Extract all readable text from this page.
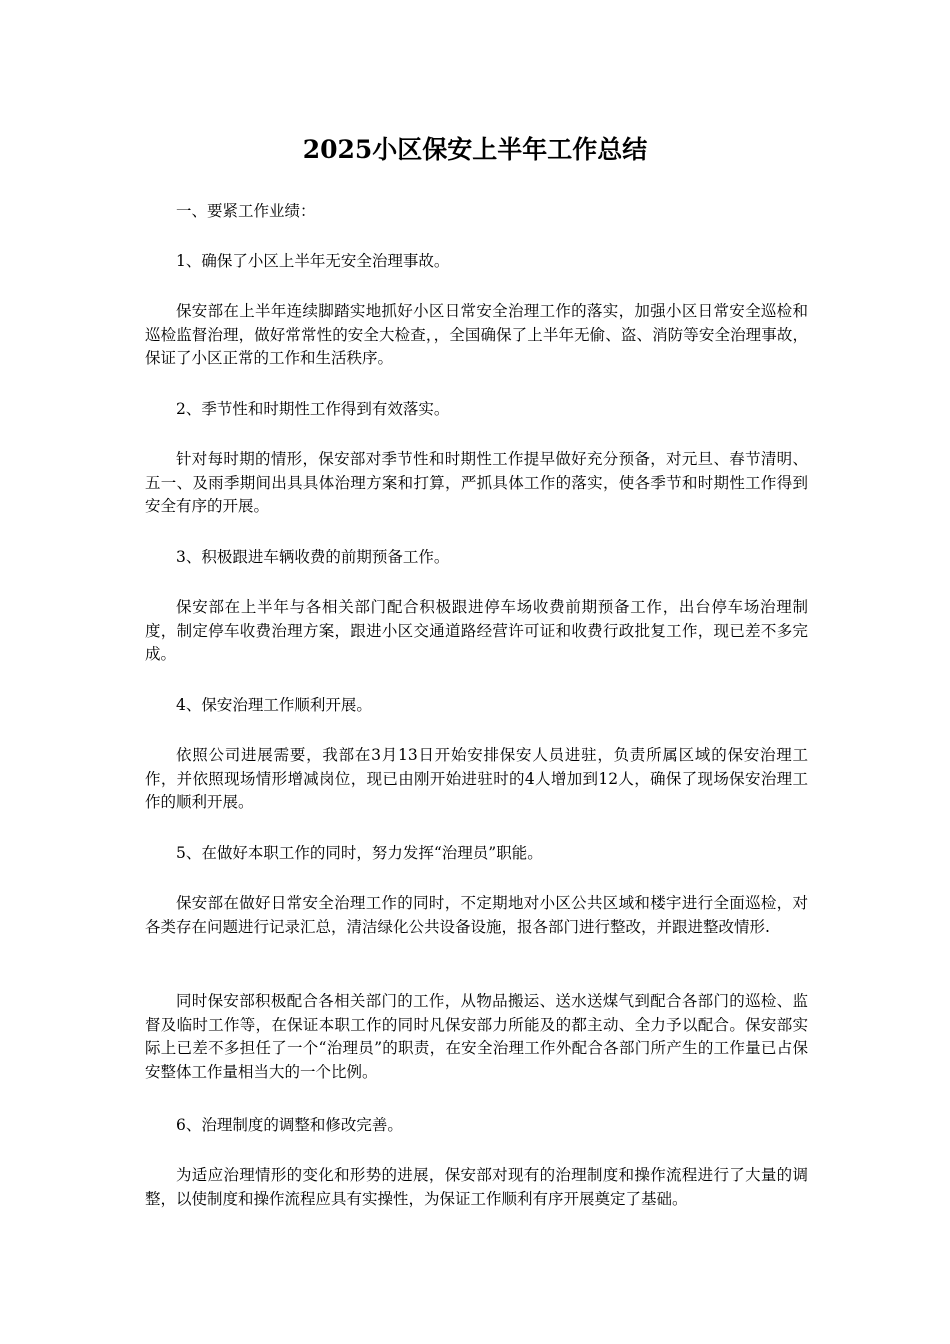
2025小区保安上半年工作总结

一、要紧工作业绩：

1、确保了小区上半年无安全治理事故。

保安部在上半年连续脚踏实地抓好小区日常安全治理工作的落实，加强小区日常安全巡检和巡检监督治理，做好常常性的安全大检查，，全国确保了上半年无偷、盗、消防等安全治理事故，保证了小区正常的工作和生活秩序。

2、季节性和时期性工作得到有效落实。

针对每时期的情形，保安部对季节性和时期性工作提早做好充分预备，对元旦、春节清明、五一、及雨季期间出具具体治理方案和打算，严抓具体工作的落实，使各季节和时期性工作得到安全有序的开展。

3、积极跟进车辆收费的前期预备工作。

保安部在上半年与各相关部门配合积极跟进停车场收费前期预备工作，出台停车场治理制度，制定停车收费治理方案，跟进小区交通道路经营许可证和收费行政批复工作，现已差不多完成。

4、保安治理工作顺利开展。

依照公司进展需要，我部在3月13日开始安排保安人员进驻，负责所属区域的保安治理工作，并依照现场情形增减岗位，现已由刚开始进驻时的4人增加到12人，确保了现场保安治理工作的顺利开展。

5、在做好本职工作的同时，努力发挥“治理员”职能。

保安部在做好日常安全治理工作的同时，不定期地对小区公共区域和楼宇进行全面巡检，对各类存在问题进行记录汇总，清洁绿化公共设备设施，报各部门进行整改，并跟进整改情形.

同时保安部积极配合各相关部门的工作，从物品搬运、送水送煤气到配合各部门的巡检、监督及临时工作等，在保证本职工作的同时凡保安部力所能及的都主动、全力予以配合。保安部实际上已差不多担任了一个“治理员”的职责，在安全治理工作外配合各部门所产生的工作量已占保安整体工作量相当大的一个比例。

6、治理制度的调整和修改完善。

为适应治理情形的变化和形势的进展，保安部对现有的治理制度和操作流程进行了大量的调整，以使制度和操作流程应具有实操性，为保证工作顺利有序开展奠定了基础。
